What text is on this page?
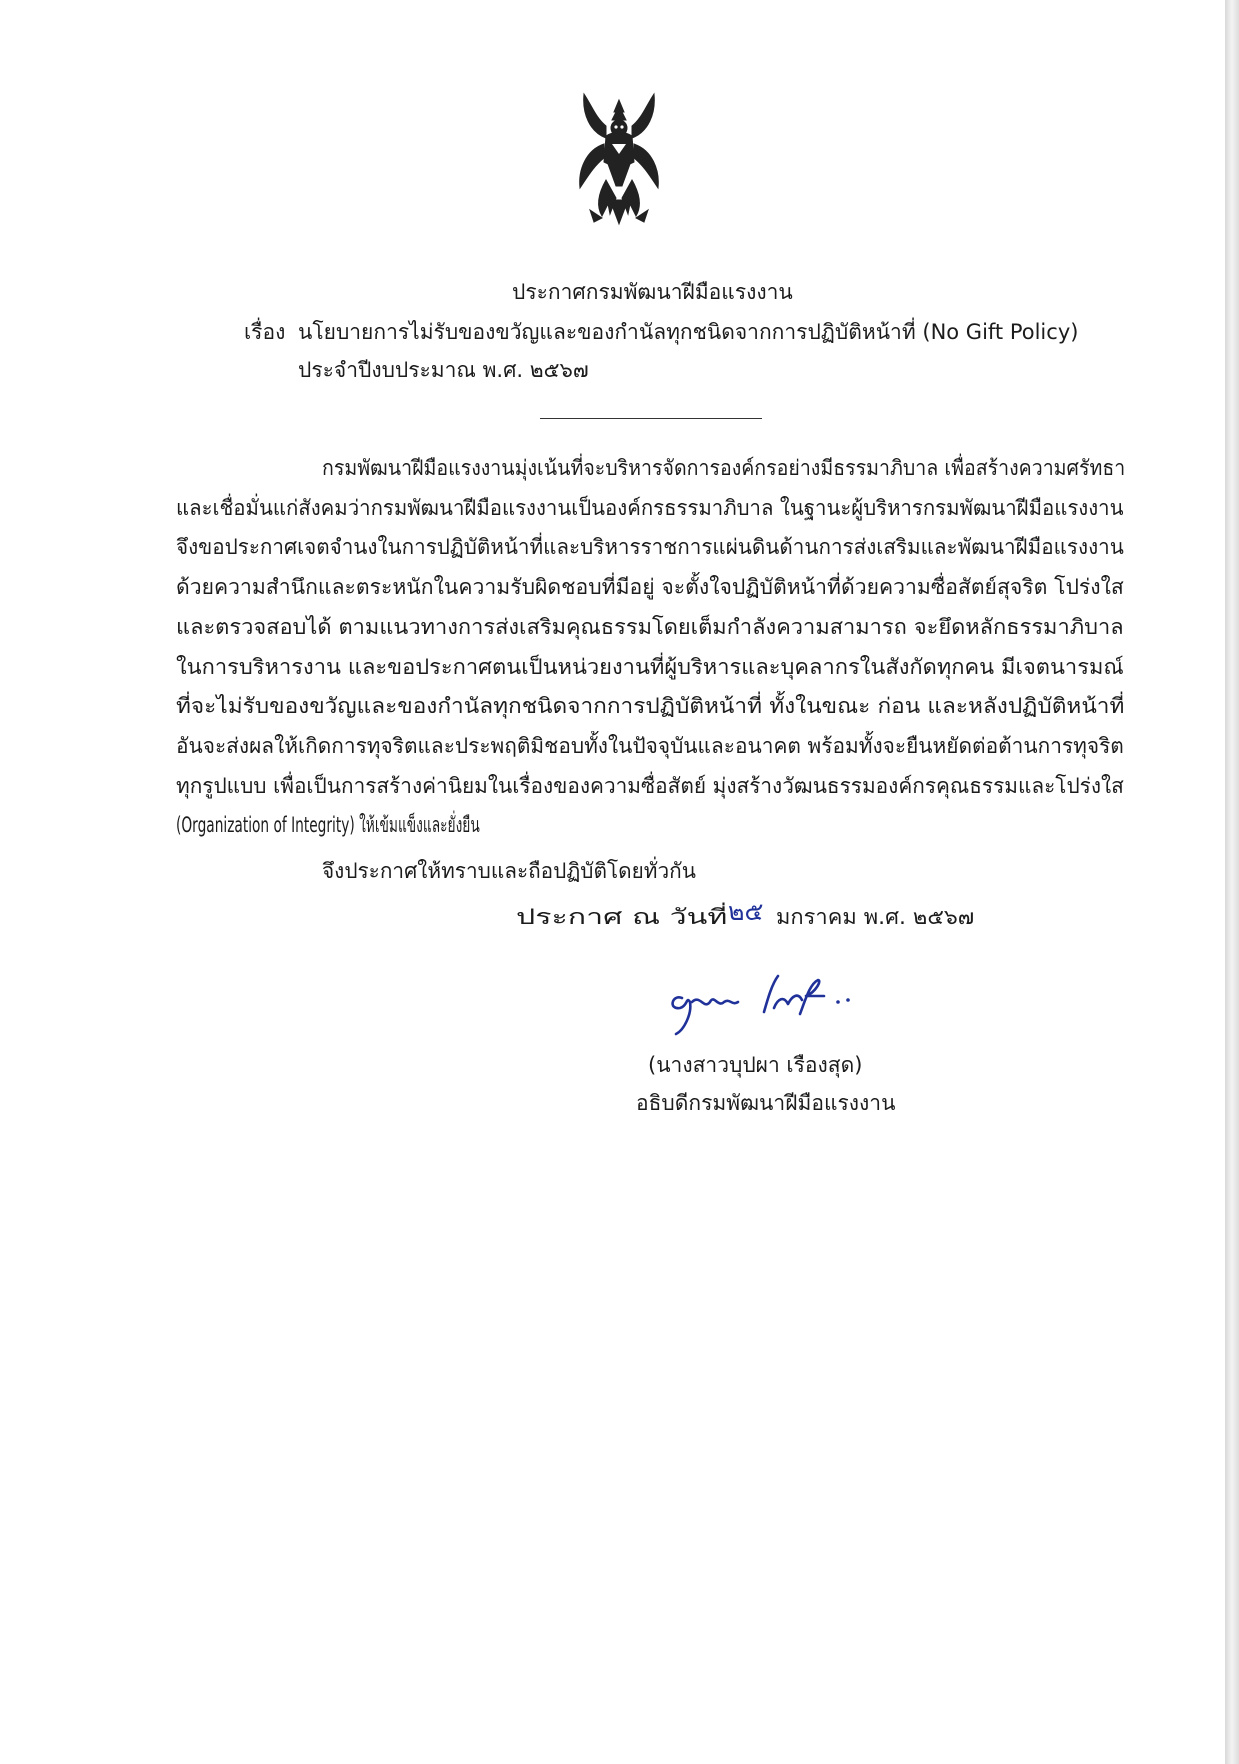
ประกาศกรมพัฒนาฝีมือแรงงาน
เรื่อง นโยบายการไม่รับของขวัญและของกำนัลทุกชนิดจากการปฏิบัติหน้าที่ (No Gift Policy)
ประจำปีงบประมาณ พ.ศ. ๒๕๖๗
กรมพัฒนาฝีมือแรงงานมุ่งเน้นที่จะบริหารจัดการองค์กรอย่างมีธรรมาภิบาล เพื่อสร้างความศรัทธา
และเชื่อมั่นแก่สังคมว่ากรมพัฒนาฝีมือแรงงานเป็นองค์กรธรรมาภิบาล ในฐานะผู้บริหารกรมพัฒนาฝีมือแรงงาน
จึงขอประกาศเจตจำนงในการปฏิบัติหน้าที่และบริหารราชการแผ่นดินด้านการส่งเสริมและพัฒนาฝีมือแรงงาน
ด้วยความสำนึกและตระหนักในความรับผิดชอบที่มีอยู่ จะตั้งใจปฏิบัติหน้าที่ด้วยความซื่อสัตย์สุจริต โปร่งใส
และตรวจสอบได้ ตามแนวทางการส่งเสริมคุณธรรมโดยเต็มกำลังความสามารถ จะยึดหลักธรรมาภิบาล
ในการบริหารงาน และขอประกาศตนเป็นหน่วยงานที่ผู้บริหารและบุคลากรในสังกัดทุกคน มีเจตนารมณ์
ที่จะไม่รับของขวัญและของกำนัลทุกชนิดจากการปฏิบัติหน้าที่ ทั้งในขณะ ก่อน และหลังปฏิบัติหน้าที่
อันจะส่งผลให้เกิดการทุจริตและประพฤติมิชอบทั้งในปัจจุบันและอนาคต พร้อมทั้งจะยืนหยัดต่อต้านการทุจริต
ทุกรูปแบบ เพื่อเป็นการสร้างค่านิยมในเรื่องของความซื่อสัตย์ มุ่งสร้างวัฒนธรรมองค์กรคุณธรรมและโปร่งใส
(Organization of Integrity) ให้เข้มแข็งและยั่งยืน
จึงประกาศให้ทราบและถือปฏิบัติโดยทั่วกัน
ประกาศ ณ วันที่ ๒๕ มกราคม พ.ศ. ๒๕๖๗
(นางสาวบุปผา เรืองสุด)
อธิบดีกรมพัฒนาฝีมือแรงงาน
